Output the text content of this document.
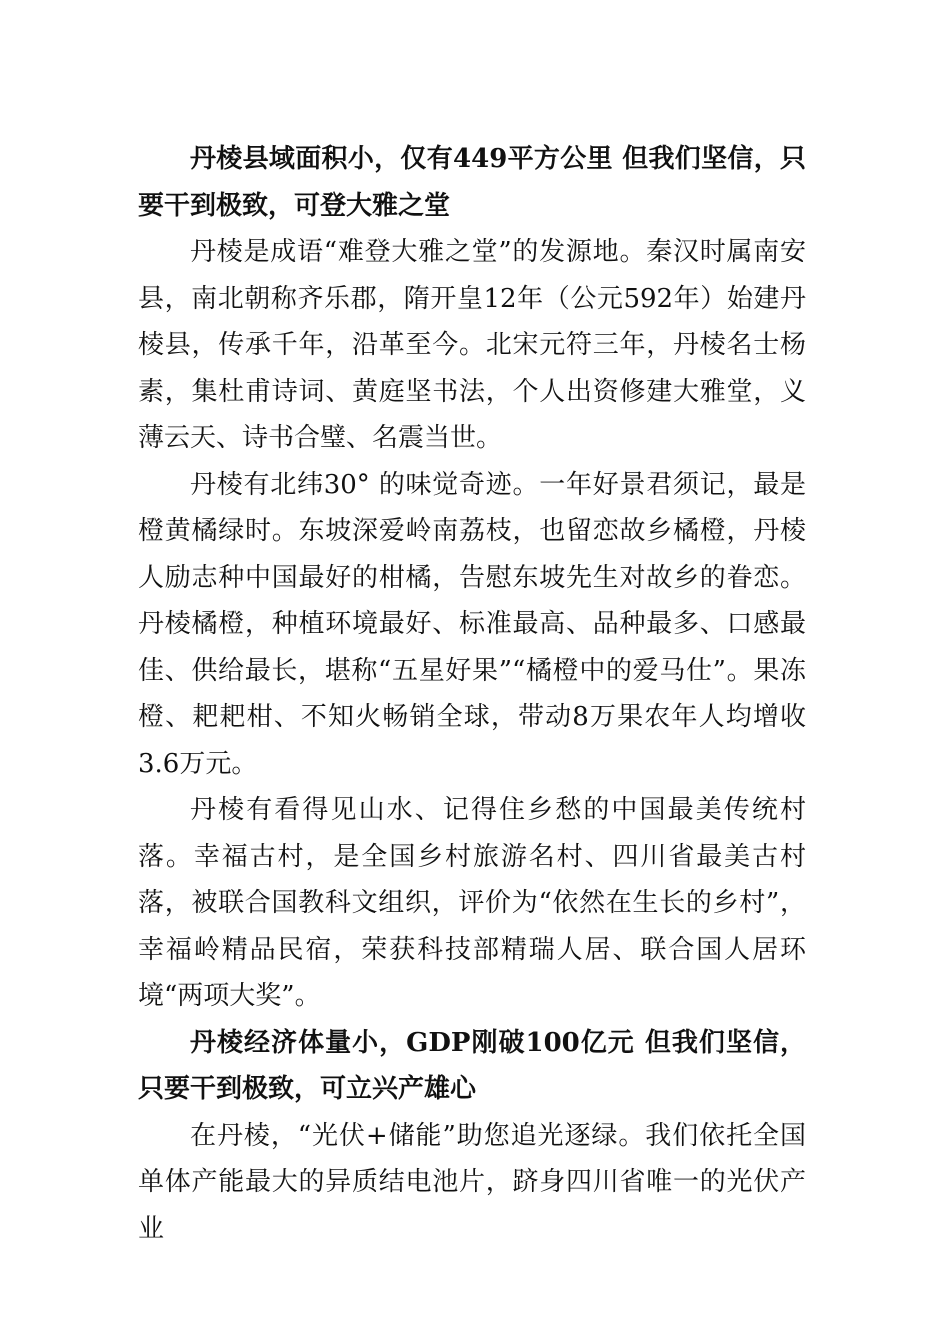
丹棱县域面积小，仅有449平方公里 但我们坚信，只要干到极致，可登大雅之堂

丹棱是成语“难登大雅之堂”的发源地。秦汉时属南安县，南北朝称齐乐郡，隋开皇12年（公元592年）始建丹棱县，传承千年，沿革至今。北宋元符三年，丹棱名士杨素，集杜甫诗词、黄庭坚书法，个人出资修建大雅堂，义薄云天、诗书合璧、名震当世。

丹棱有北纬30° 的味觉奇迹。一年好景君须记，最是橙黄橘绿时。东坡深爱岭南荔枝，也留恋故乡橘橙，丹棱人励志种中国最好的柑橘，告慰东坡先生对故乡的眷恋。丹棱橘橙，种植环境最好、标准最高、品种最多、口感最佳、供给最长，堪称“五星好果”“橘橙中的爱马仕”。果冻橙、耙耙柑、不知火畅销全球，带动8万果农年人均增收3.6万元。

丹棱有看得见山水、记得住乡愁的中国最美传统村落。幸福古村，是全国乡村旅游名村、四川省最美古村落，被联合国教科文组织，评价为“依然在生长的乡村”，幸福岭精品民宿，荣获科技部精瑞人居、联合国人居环境“两项大奖”。

丹棱经济体量小，GDP刚破100亿元 但我们坚信，只要干到极致，可立兴产雄心

在丹棱，“光伏+储能”助您追光逐绿。我们依托全国单体产能最大的异质结电池片，跻身四川省唯一的光伏产业
